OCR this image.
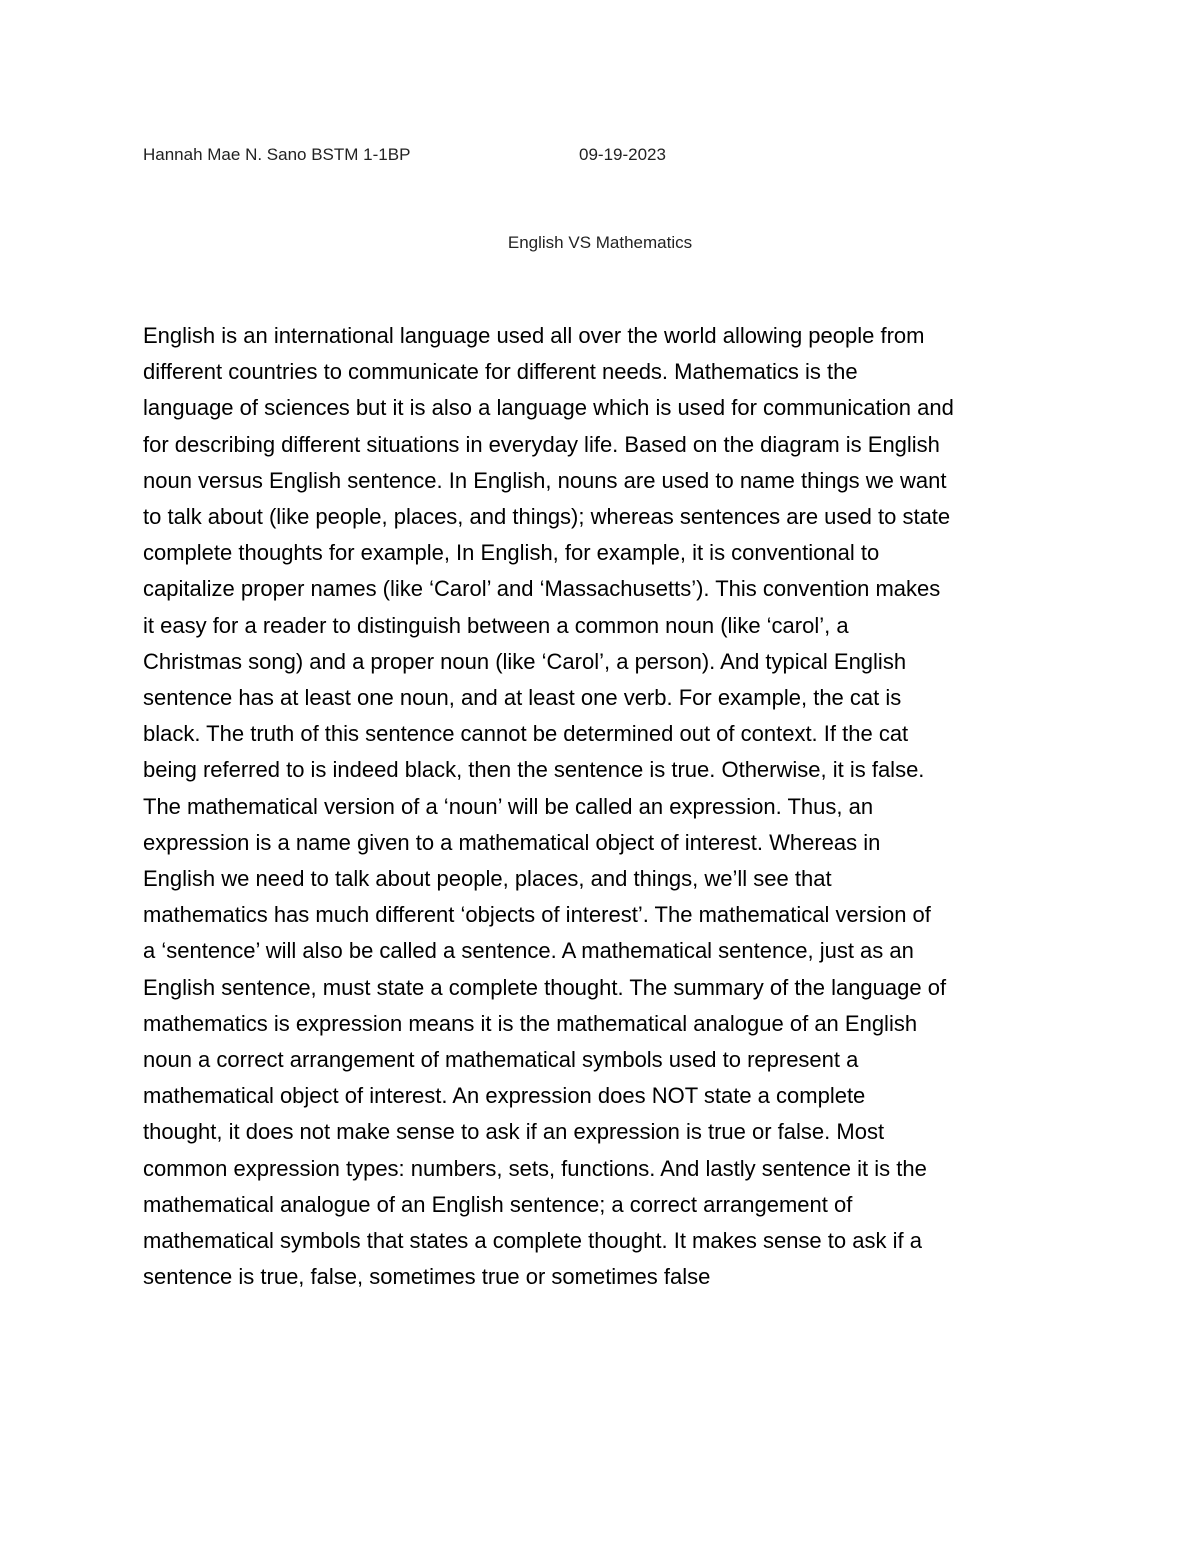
Hannah Mae N. Sano BSTM 1-1BP	09-19-2023
English VS Mathematics
English is an international language used all over the world allowing people from
different countries to communicate for different needs. Mathematics is the
language of sciences but it is also a language which is used for communication and
for describing different situations in everyday life. Based on the diagram is English
noun versus English sentence. In English, nouns are used to name things we want
to talk about (like people, places, and things); whereas sentences are used to state
complete thoughts for example, In English, for example, it is conventional to
capitalize proper names (like ‘Carol’ and ‘Massachusetts’). This convention makes
it easy for a reader to distinguish between a common noun (like ‘carol’, a
Christmas song) and a proper noun (like ‘Carol’, a person). And typical English
sentence has at least one noun, and at least one verb. For example, the cat is
black. The truth of this sentence cannot be determined out of context. If the cat
being referred to is indeed black, then the sentence is true. Otherwise, it is false.
The mathematical version of a ‘noun’ will be called an expression. Thus, an
expression is a name given to a mathematical object of interest. Whereas in
English we need to talk about people, places, and things, we’ll see that
mathematics has much different ‘objects of interest’. The mathematical version of
a ‘sentence’ will also be called a sentence. A mathematical sentence, just as an
English sentence, must state a complete thought. The summary of the language of
mathematics is expression means it is the mathematical analogue of an English
noun a correct arrangement of mathematical symbols used to represent a
mathematical object of interest. An expression does NOT state a complete
thought, it does not make sense to ask if an expression is true or false. Most
common expression types: numbers, sets, functions. And lastly sentence it is the
mathematical analogue of an English sentence; a correct arrangement of
mathematical symbols that states a complete thought. It makes sense to ask if a
sentence is true, false, sometimes true or sometimes false
